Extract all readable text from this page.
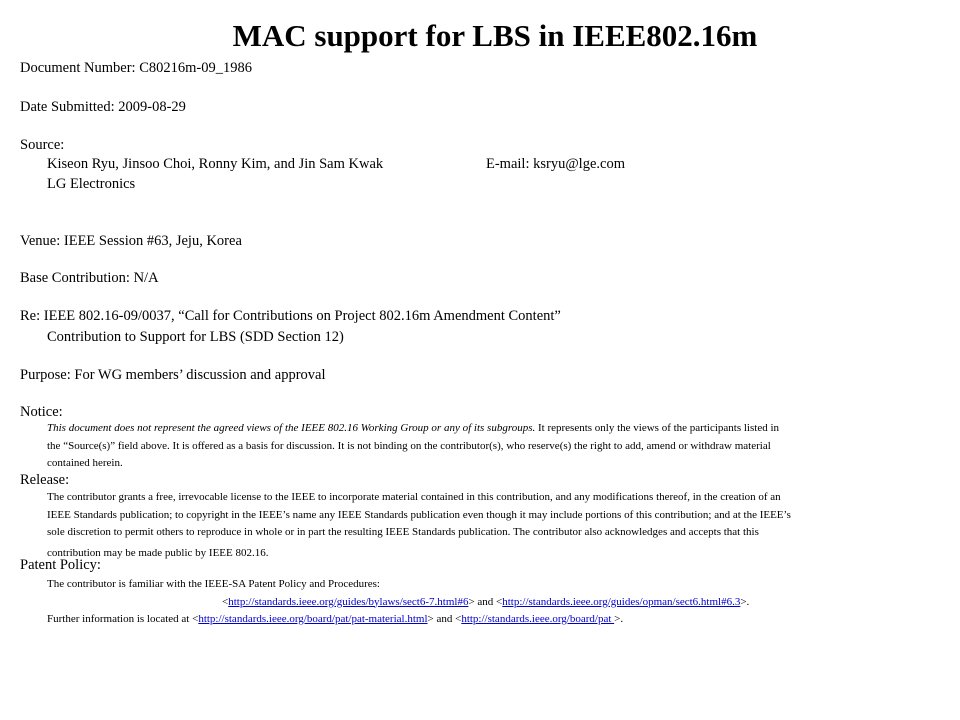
MAC support for LBS in IEEE802.16m
Document Number: C80216m-09_1986
Date Submitted: 2009-08-29
Source:
Kiseon Ryu, Jinsoo Choi, Ronny Kim, and Jin Sam Kwak	E-mail: ksryu@lge.com
LG Electronics
Venue: IEEE Session #63, Jeju, Korea
Base Contribution: N/A
Re: IEEE 802.16-09/0037, “Call for Contributions on Project 802.16m Amendment Content”
Contribution to Support for LBS (SDD Section 12)
Purpose: For WG members’ discussion and approval
Notice:
This document does not represent the agreed views of the IEEE 802.16 Working Group or any of its subgroups. It represents only the views of the participants listed in
the “Source(s)” field above. It is offered as a basis for discussion. It is not binding on the contributor(s), who reserve(s) the right to add, amend or withdraw material
contained herein.
Release:
The contributor grants a free, irrevocable license to the IEEE to incorporate material contained in this contribution, and any modifications thereof, in the creation of an
IEEE Standards publication; to copyright in the IEEE’s name any IEEE Standards publication even though it may include portions of this contribution; and at the IEEE’s
sole discretion to permit others to reproduce in whole or in part the resulting IEEE Standards publication. The contributor also acknowledges and accepts that this
contribution may be made public by IEEE 802.16.
Patent Policy:
The contributor is familiar with the IEEE-SA Patent Policy and Procedures:
<http://standards.ieee.org/guides/bylaws/sect6-7.html#6> and <http://standards.ieee.org/guides/opman/sect6.html#6.3>.
Further information is located at <http://standards.ieee.org/board/pat/pat-material.html> and <http://standards.ieee.org/board/pat >.
